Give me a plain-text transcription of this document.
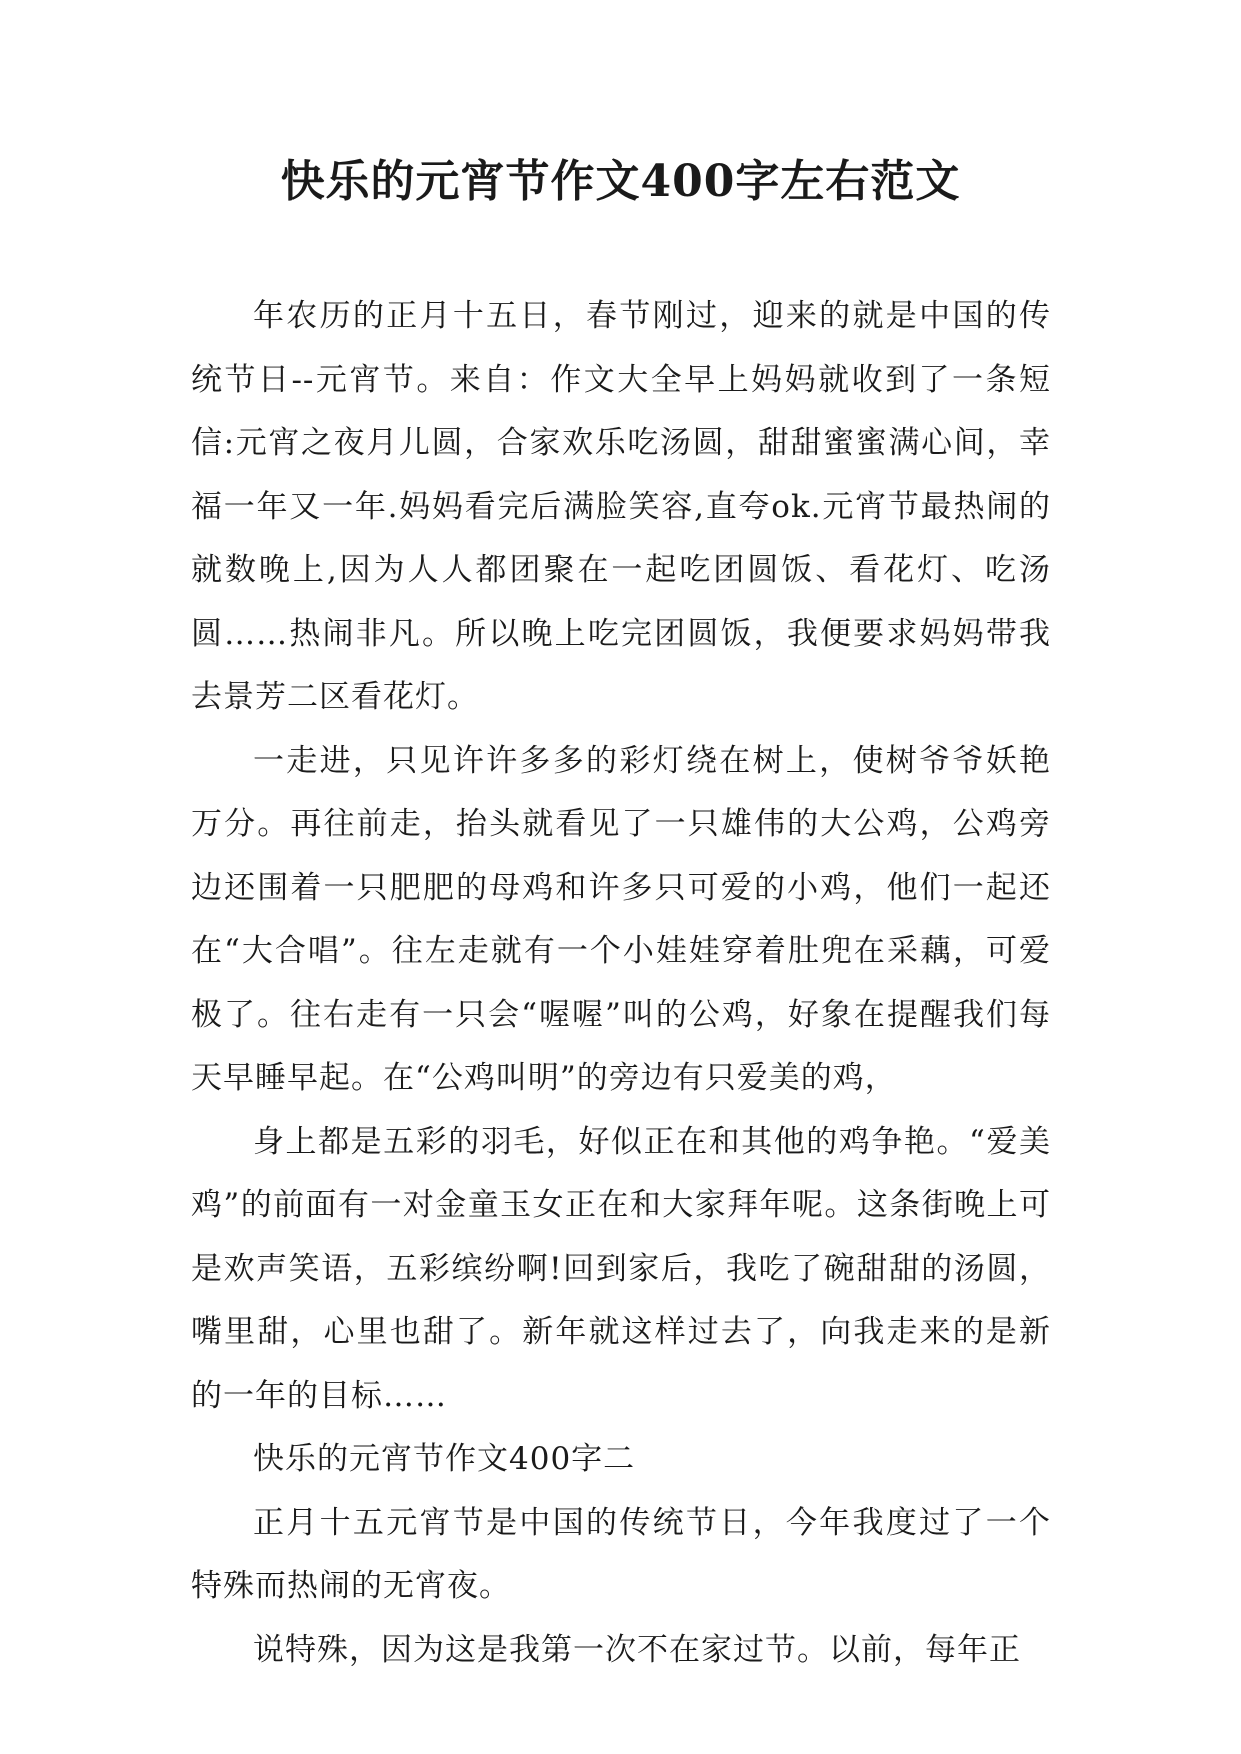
快乐的元宵节作文400字左右范文

年农历的正月十五日，春节刚过，迎来的就是中国的传统节日--元宵节。来自：作文大全早上妈妈就收到了一条短信:元宵之夜月儿圆，合家欢乐吃汤圆，甜甜蜜蜜满心间，幸福一年又一年.妈妈看完后满脸笑容,直夸ok.元宵节最热闹的就数晚上,因为人人都团聚在一起吃团圆饭、看花灯、吃汤圆……热闹非凡。所以晚上吃完团圆饭，我便要求妈妈带我去景芳二区看花灯。

一走进，只见许许多多的彩灯绕在树上，使树爷爷妖艳万分。再往前走，抬头就看见了一只雄伟的大公鸡，公鸡旁边还围着一只肥肥的母鸡和许多只可爱的小鸡，他们一起还在“大合唱”。往左走就有一个小娃娃穿着肚兜在采藕，可爱极了。往右走有一只会“喔喔”叫的公鸡，好象在提醒我们每天早睡早起。在“公鸡叫明”的旁边有只爱美的鸡，

身上都是五彩的羽毛，好似正在和其他的鸡争艳。“爱美鸡”的前面有一对金童玉女正在和大家拜年呢。这条街晚上可是欢声笑语，五彩缤纷啊!回到家后，我吃了碗甜甜的汤圆，嘴里甜，心里也甜了。新年就这样过去了，向我走来的是新的一年的目标……

快乐的元宵节作文400字二

正月十五元宵节是中国的传统节日，今年我度过了一个特殊而热闹的无宵夜。

说特殊，因为这是我第一次不在家过节。以前，每年正
